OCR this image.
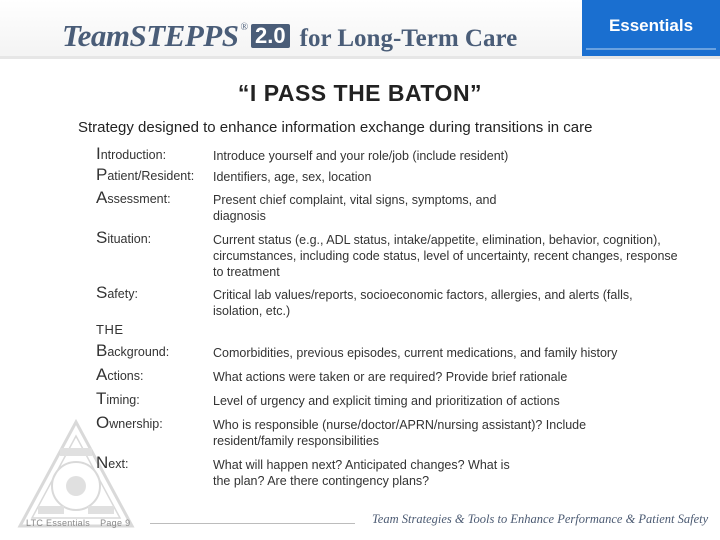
TeamSTEPPS ® 2.0 for Long-Term Care	Essentials
“I PASS THE BATON”
Strategy designed to enhance information exchange during transitions in care
Introduction:	Introduce yourself and your role/job (include resident)
Patient/Resident: Identifiers, age, sex, location
Assessment:	Present chief complaint, vital signs, symptoms, and diagnosis
Situation:	Current status (e.g., ADL status, intake/appetite, elimination, behavior, cognition), circumstances, including code status, level of uncertainty, recent changes, response to treatment
Safety:	Critical lab values/reports, socioeconomic factors, allergies, and alerts (falls, isolation, etc.)
THE
Background:	Comorbidities, previous episodes, current medications, and family history
Actions:	What actions were taken or are required? Provide brief rationale
Timing:	Level of urgency and explicit timing and prioritization of actions
Ownership:	Who is responsible (nurse/doctor/APRN/nursing assistant)? Include resident/family responsibilities
Next:	What will happen next? Anticipated changes? What is the plan? Are there contingency plans?
LTC Essentials Page 9	Team Strategies & Tools to Enhance Performance & Patient Safety
